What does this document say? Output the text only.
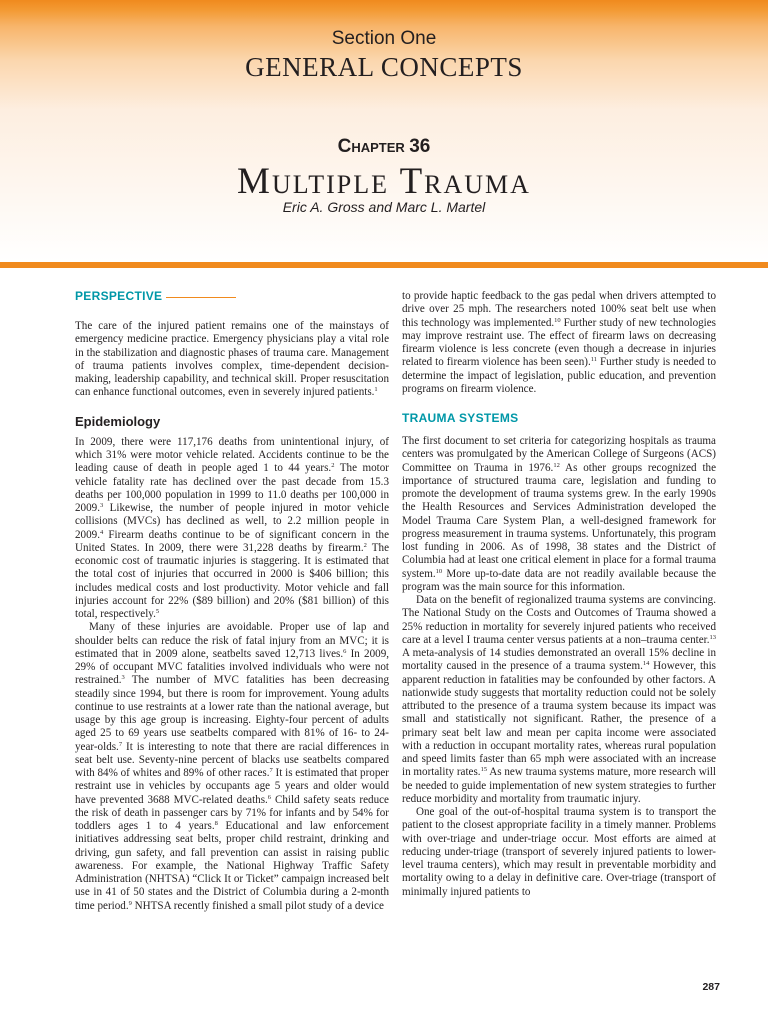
Section One
GENERAL CONCEPTS
Chapter 36
Multiple Trauma
Eric A. Gross and Marc L. Martel
PERSPECTIVE

The care of the injured patient remains one of the mainstays of emergency medicine practice. Emergency physicians play a vital role in the stabilization and diagnostic phases of trauma care. Management of trauma patients involves complex, time-dependent decision-making, leadership capability, and technical skill. Proper resuscitation can enhance functional outcomes, even in severely injured patients.$^1$

Epidemiology

In 2009, there were 117,176 deaths from unintentional injury, of which 31% were motor vehicle related. Accidents continue to be the leading cause of death in people aged 1 to 44 years.$^2$ The motor vehicle fatality rate has declined over the past decade from 15.3 deaths per 100,000 population in 1999 to 11.0 deaths per 100,000 in 2009.$^3$ Likewise, the number of people injured in motor vehicle collisions (MVCs) has declined as well, to 2.2 million people in 2009.$^4$ Firearm deaths continue to be of significant concern in the United States. In 2009, there were 31,228 deaths by firearm.$^2$ The economic cost of traumatic injuries is staggering. It is estimated that the total cost of injuries that occurred in 2000 is $406 billion; this includes medical costs and lost productivity. Motor vehicle and fall injuries account for 22% ($89 billion) and 20% ($81 billion) of this total, respectively.$^5$

Many of these injuries are avoidable. Proper use of lap and shoulder belts can reduce the risk of fatal injury from an MVC; it is estimated that in 2009 alone, seatbelts saved 12,713 lives.$^6$ In 2009, 29% of occupant MVC fatalities involved individuals who were not restrained.$^3$ The number of MVC fatalities has been decreasing steadily since 1994, but there is room for improvement. Young adults continue to use restraints at a lower rate than the national average, but usage by this age group is increasing. Eighty-four percent of adults aged 25 to 69 years use seatbelts compared with 81% of 16- to 24-year-olds.$^7$ It is interesting to note that there are racial differences in seat belt use. Seventy-nine percent of blacks use seatbelts compared with 84% of whites and 89% of other races.$^7$ It is estimated that proper restraint use in vehicles by occupants age 5 years and older would have prevented 3688 MVC-related deaths.$^6$ Child safety seats reduce the risk of death in passenger cars by 71% for infants and by 54% for toddlers ages 1 to 4 years.$^8$ Educational and law enforcement initiatives addressing seat belts, proper child restraint, drinking and driving, gun safety, and fall prevention can assist in raising public awareness. For example, the National Highway Traffic Safety Administration (NHTSA) “Click It or Ticket” campaign increased belt use in 41 of 50 states and the District of Columbia during a 2-month time period.$^9$ NHTSA recently finished a small pilot study of a device

to provide haptic feedback to the gas pedal when drivers attempted to drive over 25 mph. The researchers noted 100% seat belt use when this technology was implemented.$^{10}$ Further study of new technologies may improve restraint use. The effect of firearm laws on decreasing firearm violence is less concrete (even though a decrease in injuries related to firearm violence has been seen).$^{11}$ Further study is needed to determine the impact of legislation, public education, and prevention programs on firearm violence.

TRAUMA SYSTEMS

The first document to set criteria for categorizing hospitals as trauma centers was promulgated by the American College of Surgeons (ACS) Committee on Trauma in 1976.12 As other groups recognized the importance of structured trauma care, legislation and funding to promote the development of trauma systems grew. In the early 1990s the Health Resources and Services Administration developed the Model Trauma Care System Plan, a well-designed framework for progress measurement in trauma systems. Unfortunately, this program lost funding in 2006. As of 1998, 38 states and the District of Columbia had at least one critical element in place for a formal trauma system.$^{10}$ More up-to-date data are not readily available because the program was the main source for this information.

Data on the benefit of regionalized trauma systems are convincing. The National Study on the Costs and Outcomes of Trauma showed a 25% reduction in mortality for severely injured patients who received care at a level I trauma center versus patients at a non–trauma center.$^{13}$ A meta-analysis of 14 studies demonstrated an overall 15% decline in mortality caused in the presence of a trauma system.$^{14}$ However, this apparent reduction in fatalities may be confounded by other factors. A nationwide study suggests that mortality reduction could not be solely attributed to the presence of a trauma system because its impact was small and statistically not significant. Rather, the presence of a primary seat belt law and mean per capita income were associated with a reduction in occupant mortality rates, whereas rural population and speed limits faster than 65 mph were associated with an increase in mortality rates.$^{15}$ As new trauma systems mature, more research will be needed to guide implementation of new system strategies to further reduce morbidity and mortality from traumatic injury.

One goal of the out-of-hospital trauma system is to transport the patient to the closest appropriate facility in a timely manner. Problems with over-triage and under-triage occur. Most efforts are aimed at reducing under-triage (transport of severely injured patients to lower-level trauma centers), which may result in preventable morbidity and mortality owing to a delay in definitive care. Over-triage (transport of minimally injured patients to

287
